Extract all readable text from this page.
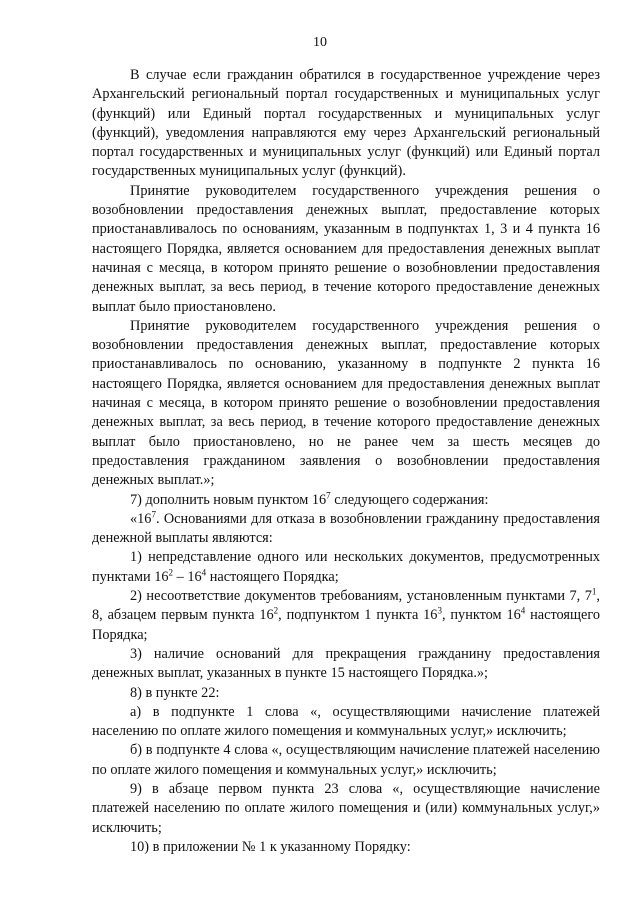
10

В случае если гражданин обратился в государственное учреждение через Архангельский региональный портал государственных и муниципальных услуг (функций) или Единый портал государственных и муниципальных услуг (функций), уведомления направляются ему через Архангельский региональный портал государственных и муниципальных услуг (функций) или Единый портал государственных муниципальных услуг (функций).

Принятие руководителем государственного учреждения решения о возобновлении предоставления денежных выплат, предоставление которых приостанавливалось по основаниям, указанным в подпунктах 1, 3 и 4 пункта 16 настоящего Порядка, является основанием для предоставления денежных выплат начиная с месяца, в котором принято решение о возобновлении предоставления денежных выплат, за весь период, в течение которого предоставление денежных выплат было приостановлено.

Принятие руководителем государственного учреждения решения о возобновлении предоставления денежных выплат, предоставление которых приостанавливалось по основанию, указанному в подпункте 2 пункта 16 настоящего Порядка, является основанием для предоставления денежных выплат начиная с месяца, в котором принято решение о возобновлении предоставления денежных выплат, за весь период, в течение которого предоставление денежных выплат было приостановлено, но не ранее чем за шесть месяцев до предоставления гражданином заявления о возобновлении предоставления денежных выплат.»;

7) дополнить новым пунктом $16^7$ следующего содержания:

«$16^7$. Основаниями для отказа в возобновлении гражданину предоставления денежной выплаты являются:

1) непредставление одного или нескольких документов, предусмотренных пунктами $16^2 - 16^4$ настоящего Порядка;

2) несоответствие документов требованиям, установленным пунктами 7, $7^1$, 8, абзацем первым пункта $16^2$, подпунктом 1 пункта $16^3$, пунктом $16^4$ настоящего Порядка;

3) наличие оснований для прекращения гражданину предоставления денежных выплат, указанных в пункте 15 настоящего Порядка.»;

8) в пункте 22:

а) в подпункте 1 слова «, осуществляющими начисление платежей населению по оплате жилого помещения и коммунальных услуг,» исключить;

б) в подпункте 4 слова «, осуществляющим начисление платежей населению по оплате жилого помещения и коммунальных услуг,» исключить;

9) в абзаце первом пункта 23 слова «, осуществляющие начисление платежей населению по оплате жилого помещения и (или) коммунальных услуг,» исключить;

10) в приложении № 1 к указанному Порядку:
